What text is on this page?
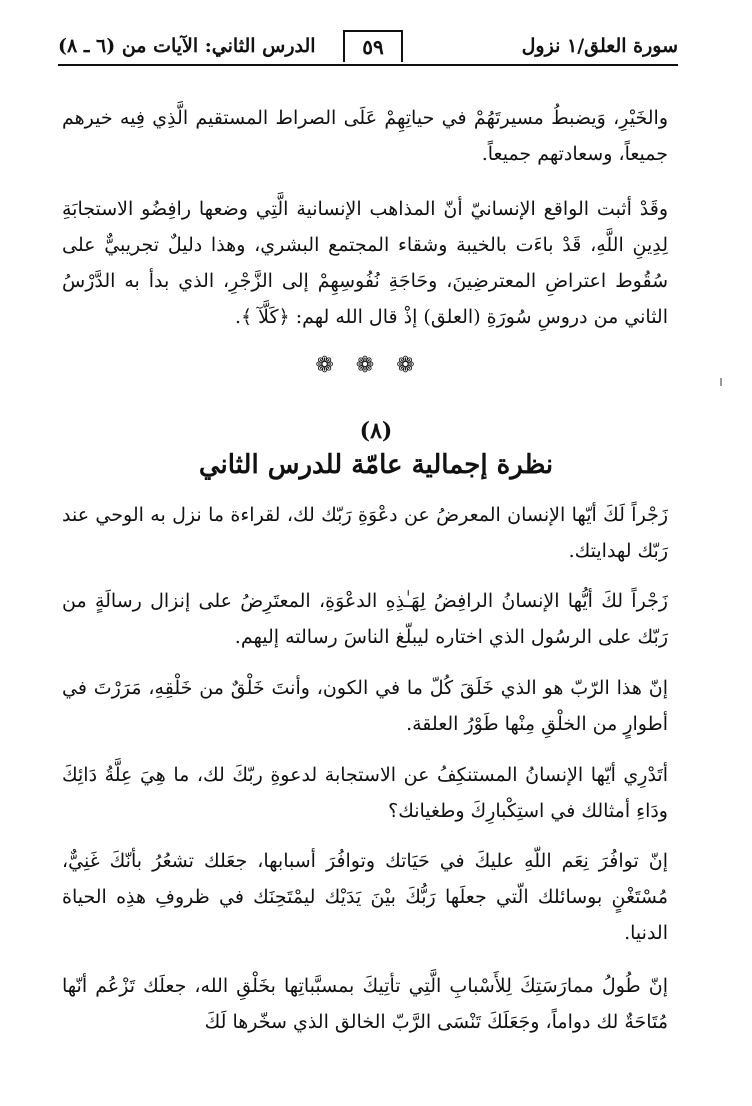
سورة العلق/١ نزول
٥٩
الدرس الثاني: الآيات من (٦ ـ ٨)

والخَيْرِ، وَيضبطُ مسيرتَهُمْ في حياتِهِمْ عَلَى الصراط المستقيم الَّذِي فِيه خيرهم جميعاً، وسعادتهم جميعاً.

وقَدْ أثبت الواقع الإنسانيّ أنّ المذاهب الإنسانية الَّتِي وضعها رافِضُو الاستجابَةِ لِدِينِ اللَّهِ، قَدْ باءَت بالخيبة وشقاء المجتمع البشري، وهذا دليلٌ تجريبيٌّ على سُقُوط اعتراضِ المعترضِينَ، وحَاجَةِ نُفُوسِهِمْ إلى الزَّجْرِ، الذي بدأ به الدَّرْسُ الثاني من دروسِ سُورَةِ (العلق) إذْ قال الله لهم: ﴿كَلَّآ ﴾.

❁❁❁
(٨)
نظرة إجمالية عامّة للدرس الثاني

زَجْراً لَكَ أيّها الإنسان المعرضُ عن دعْوَةِ رَبّك لك، لقراءة ما نزل به الوحي عند رَبّك لهدايتك.

زَجْراً لكَ أيُّها الإنسانُ الرافِضُ لِهَـٰذِهِ الدعْوَةِ، المعتَرِضُ على إنزال رسالَةٍ من رَبّك على الرسُول الذي اختاره ليبلّغ الناسَ رسالته إليهم.

إنّ هذا الرّبّ هو الذي خَلَقَ كُلّ ما في الكون، وأنتَ خَلْقٌ من خَلْقِهِ، مَرَرْتَ في أطوارٍ من الخلْقِ مِنْها طَوْرُ العلقة.

أتَدْرِي أيّها الإنسانُ المستنكِفُ عن الاستجابة لدعوةِ ربّكَ لك، ما هِيَ عِلَّةُ دَائِكَ ودَاءِ أمثالك في استِكْبارِكَ وطغيانك؟

إنّ توافُرَ نِعَم اللّهِ عليكَ في حَيَاتك وتوافُرَ أسبابها، جعَلك تشعُرُ بأنّكَ غَنِيٌّ، مُسْتَغْنٍ بوسائلك الّتي جعلَها رَبُّكَ بيْنَ يَدَيْك ليمْتَحِنَك في ظروفِ هذِه الحياة الدنيا.

إنّ طُولُ ممارَسَتِكَ لِلأَسْبابِ الَّتِي تأتِيكَ بمسبَّباتِها بخَلْقِ الله، جعلَك تَزْعُم أنّها مُتَاحَةٌ لك دواماً، وجَعَلَكَ تَنْسَى الرَّبّ الخالق الذي سخّرها لَكَ
